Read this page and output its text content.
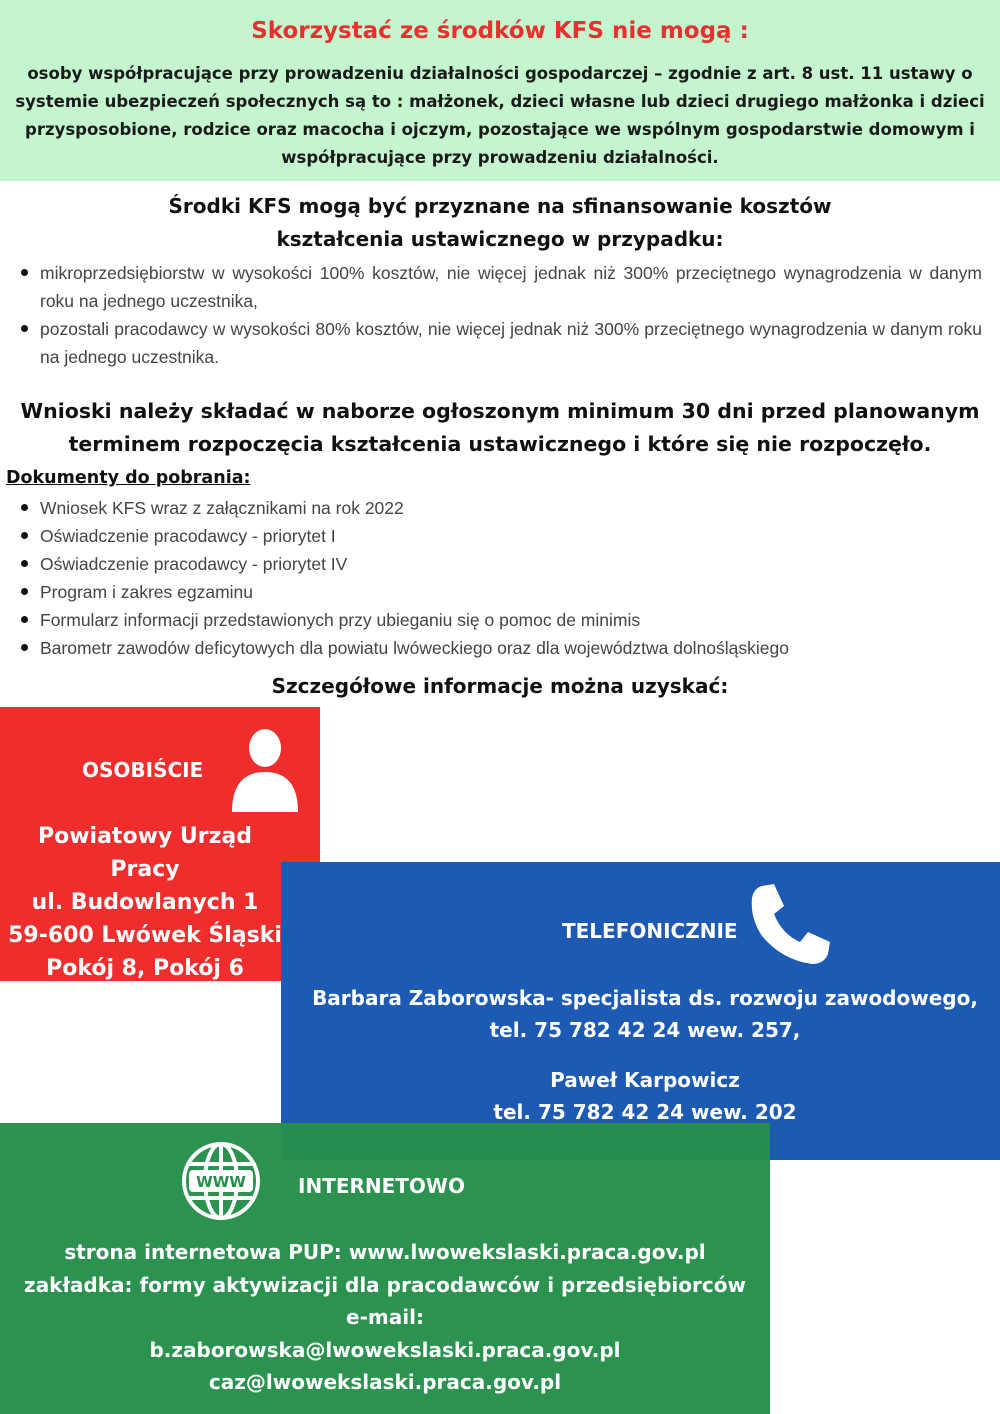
Skorzystać ze środków KFS nie mogą :
osoby współpracujące przy prowadzeniu działalności gospodarczej – zgodnie z art. 8 ust. 11 ustawy o systemie ubezpieczeń społecznych są to : małżonek, dzieci własne lub dzieci drugiego małżonka i dzieci przysposobione, rodzice oraz macocha i ojczym, pozostające we wspólnym gospodarstwie domowym i współpracujące przy prowadzeniu działalności.
Środki KFS mogą być przyznane na sfinansowanie kosztów
kształcenia ustawicznego w przypadku:
mikroprzedsiębiorstw w wysokości 100% kosztów, nie więcej jednak niż 300% przeciętnego wynagrodzenia w danym roku na jednego uczestnika,
pozostali pracodawcy w wysokości 80% kosztów, nie więcej jednak niż 300% przeciętnego wynagrodzenia w danym roku na jednego uczestnika.
Wnioski należy składać w naborze ogłoszonym minimum 30 dni przed planowanym
terminem rozpoczęcia kształcenia ustawicznego i które się nie rozpoczęło.
Dokumenty do pobrania:
Wniosek KFS wraz z załącznikami na rok 2022
Oświadczenie pracodawcy - priorytet I
Oświadczenie pracodawcy - priorytet IV
Program i zakres egzaminu
Formularz informacji przedstawionych przy ubieganiu się o pomoc de minimis
Barometr zawodów deficytowych dla powiatu lwóweckiego oraz dla województwa dolnośląskiego
Szczegółowe informacje można uzyskać:
OSOBIŚCIE
Powiatowy Urząd Pracy
ul. Budowlanych 1
59-600 Lwówek Śląski
Pokój 8, Pokój 6
TELEFONICZNIE
Barbara Zaborowska- specjalista ds. rozwoju zawodowego,
tel. 75 782 42 24 wew. 257,
Paweł Karpowicz
tel. 75 782 42 24 wew. 202
WWW	INTERNETOWO
strona internetowa PUP: www.lwowekslaski.praca.gov.pl
zakładka: formy aktywizacji dla pracodawców i przedsiębiorców
e-mail:
b.zaborowska@lwowekslaski.praca.gov.pl
caz@lwowekslaski.praca.gov.pl
